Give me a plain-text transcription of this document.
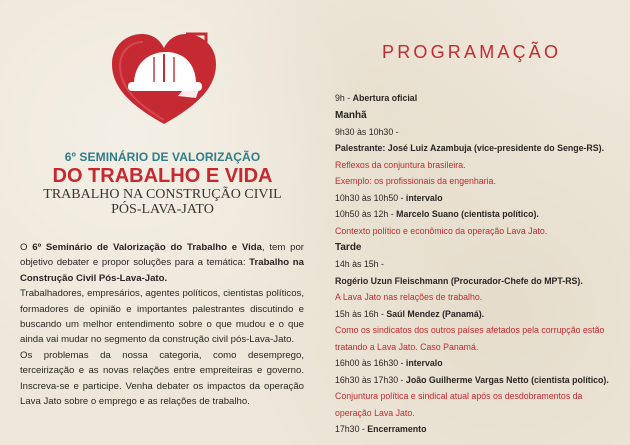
6º SEMINÁRIO DE VALORIZAÇÃO
DO TRABALHO E VIDA
TRABALHO NA CONSTRUÇÃO CIVIL
PÓS-LAVA-JATO

O 6º Seminário de Valorização do Trabalho e Vida, tem por objetivo debater e propor soluções para a temática: Trabalho na Construção Civil Pós-Lava-Jato.

Trabalhadores, empresários, agentes políticos, cientistas políticos, formadores de opinião e importantes palestrantes discutindo e buscando um melhor entendimento sobre o que mudou e o que ainda vai mudar no segmento da construção civil pós-Lava-Jato.

Os problemas da nossa categoria, como desemprego, terceirização e as novas relações entre empreiteiras e governo. Inscreva-se e participe. Venha debater os impactos da operação Lava Jato sobre o emprego e as relações de trabalho.

PROGRAMAÇÃO
9h - Abertura oficial
Manhã
9h30 às 10h30 -
Palestrante: José Luiz Azambuja (vice-presidente do Senge-RS).
Reflexos da conjuntura brasileira.
Exemplo: os profissionais da engenharia.
10h30 às 10h50 - intervalo
10h50 às 12h - Marcelo Suano (cientista político).
Contexto político e econômico da operação Lava Jato.
Tarde
14h às 15h -
Rogério Uzun Fleischmann (Procurador-Chefe do MPT-RS).
A Lava Jato nas relações de trabalho.
15h às 16h - Saúl Mendez (Panamá).
Como os sindicatos dos outros países afetados pela corrupção estão tratando a Lava Jato. Caso Panamá.
16h00 às 16h30 - intervalo
16h30 às 17h30 - João Guilherme Vargas Netto (cientista político).
Conjuntura política e sindical atual após os desdobramentos da operação Lava Jato.
17h30 - Encerramento
